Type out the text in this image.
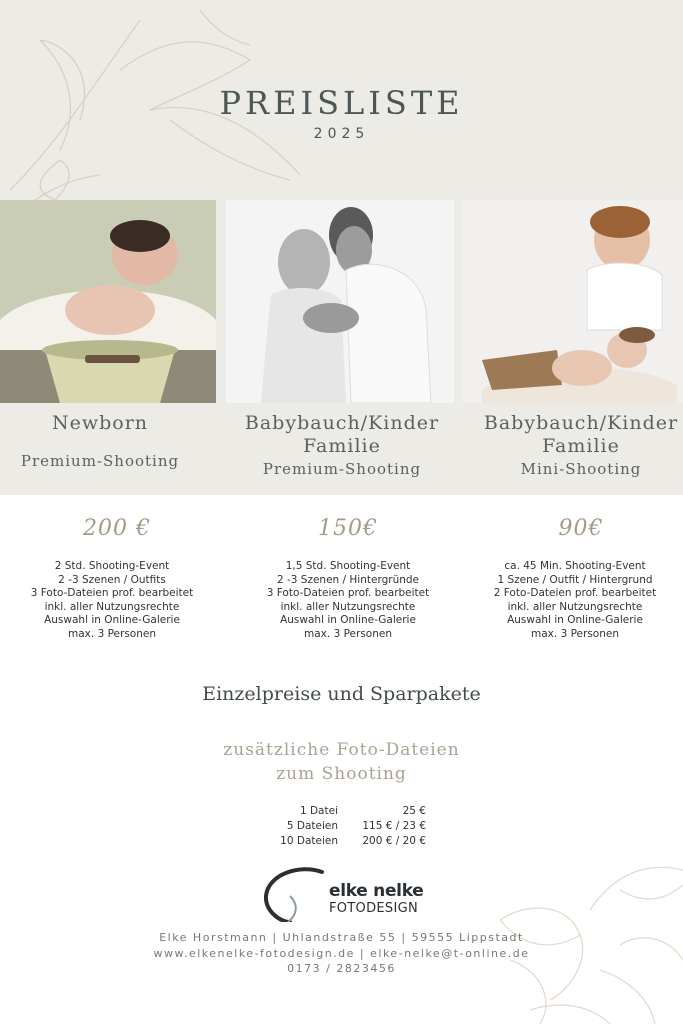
PREISLISTE
2025
Newborn
Premium-Shooting
Babybauch/Kinder
Familie
Premium-Shooting
Babybauch/Kinder
Familie
Mini-Shooting
200 €	150€	90€
2 Std. Shooting-Event
2 -3 Szenen / Outfits
3 Foto-Dateien prof. bearbeitet
inkl. aller Nutzungsrechte
Auswahl in Online-Galerie
max. 3 Personen
1,5 Std. Shooting-Event
2 -3 Szenen / Hintergründe
3 Foto-Dateien prof. bearbeitet
inkl. aller Nutzungsrechte
Auswahl in Online-Galerie
max. 3 Personen
ca. 45 Min. Shooting-Event
1 Szene / Outfit / Hintergrund
2 Foto-Dateien prof. bearbeitet
inkl. aller Nutzungsrechte
Auswahl in Online-Galerie
max. 3 Personen
Einzelpreise und Sparpakete
zusätzliche Foto-Dateien
zum Shooting
1 Datei	25 €
5 Dateien	115 € / 23 €
10 Dateien	200 € / 20 €
elke nelke
FOTODESIGN
Elke Horstmann | Uhlandstraße 55 | 59555 Lippstadt
www.elkenelke-fotodesign.de | elke-nelke@t-online.de
0173 / 2823456
